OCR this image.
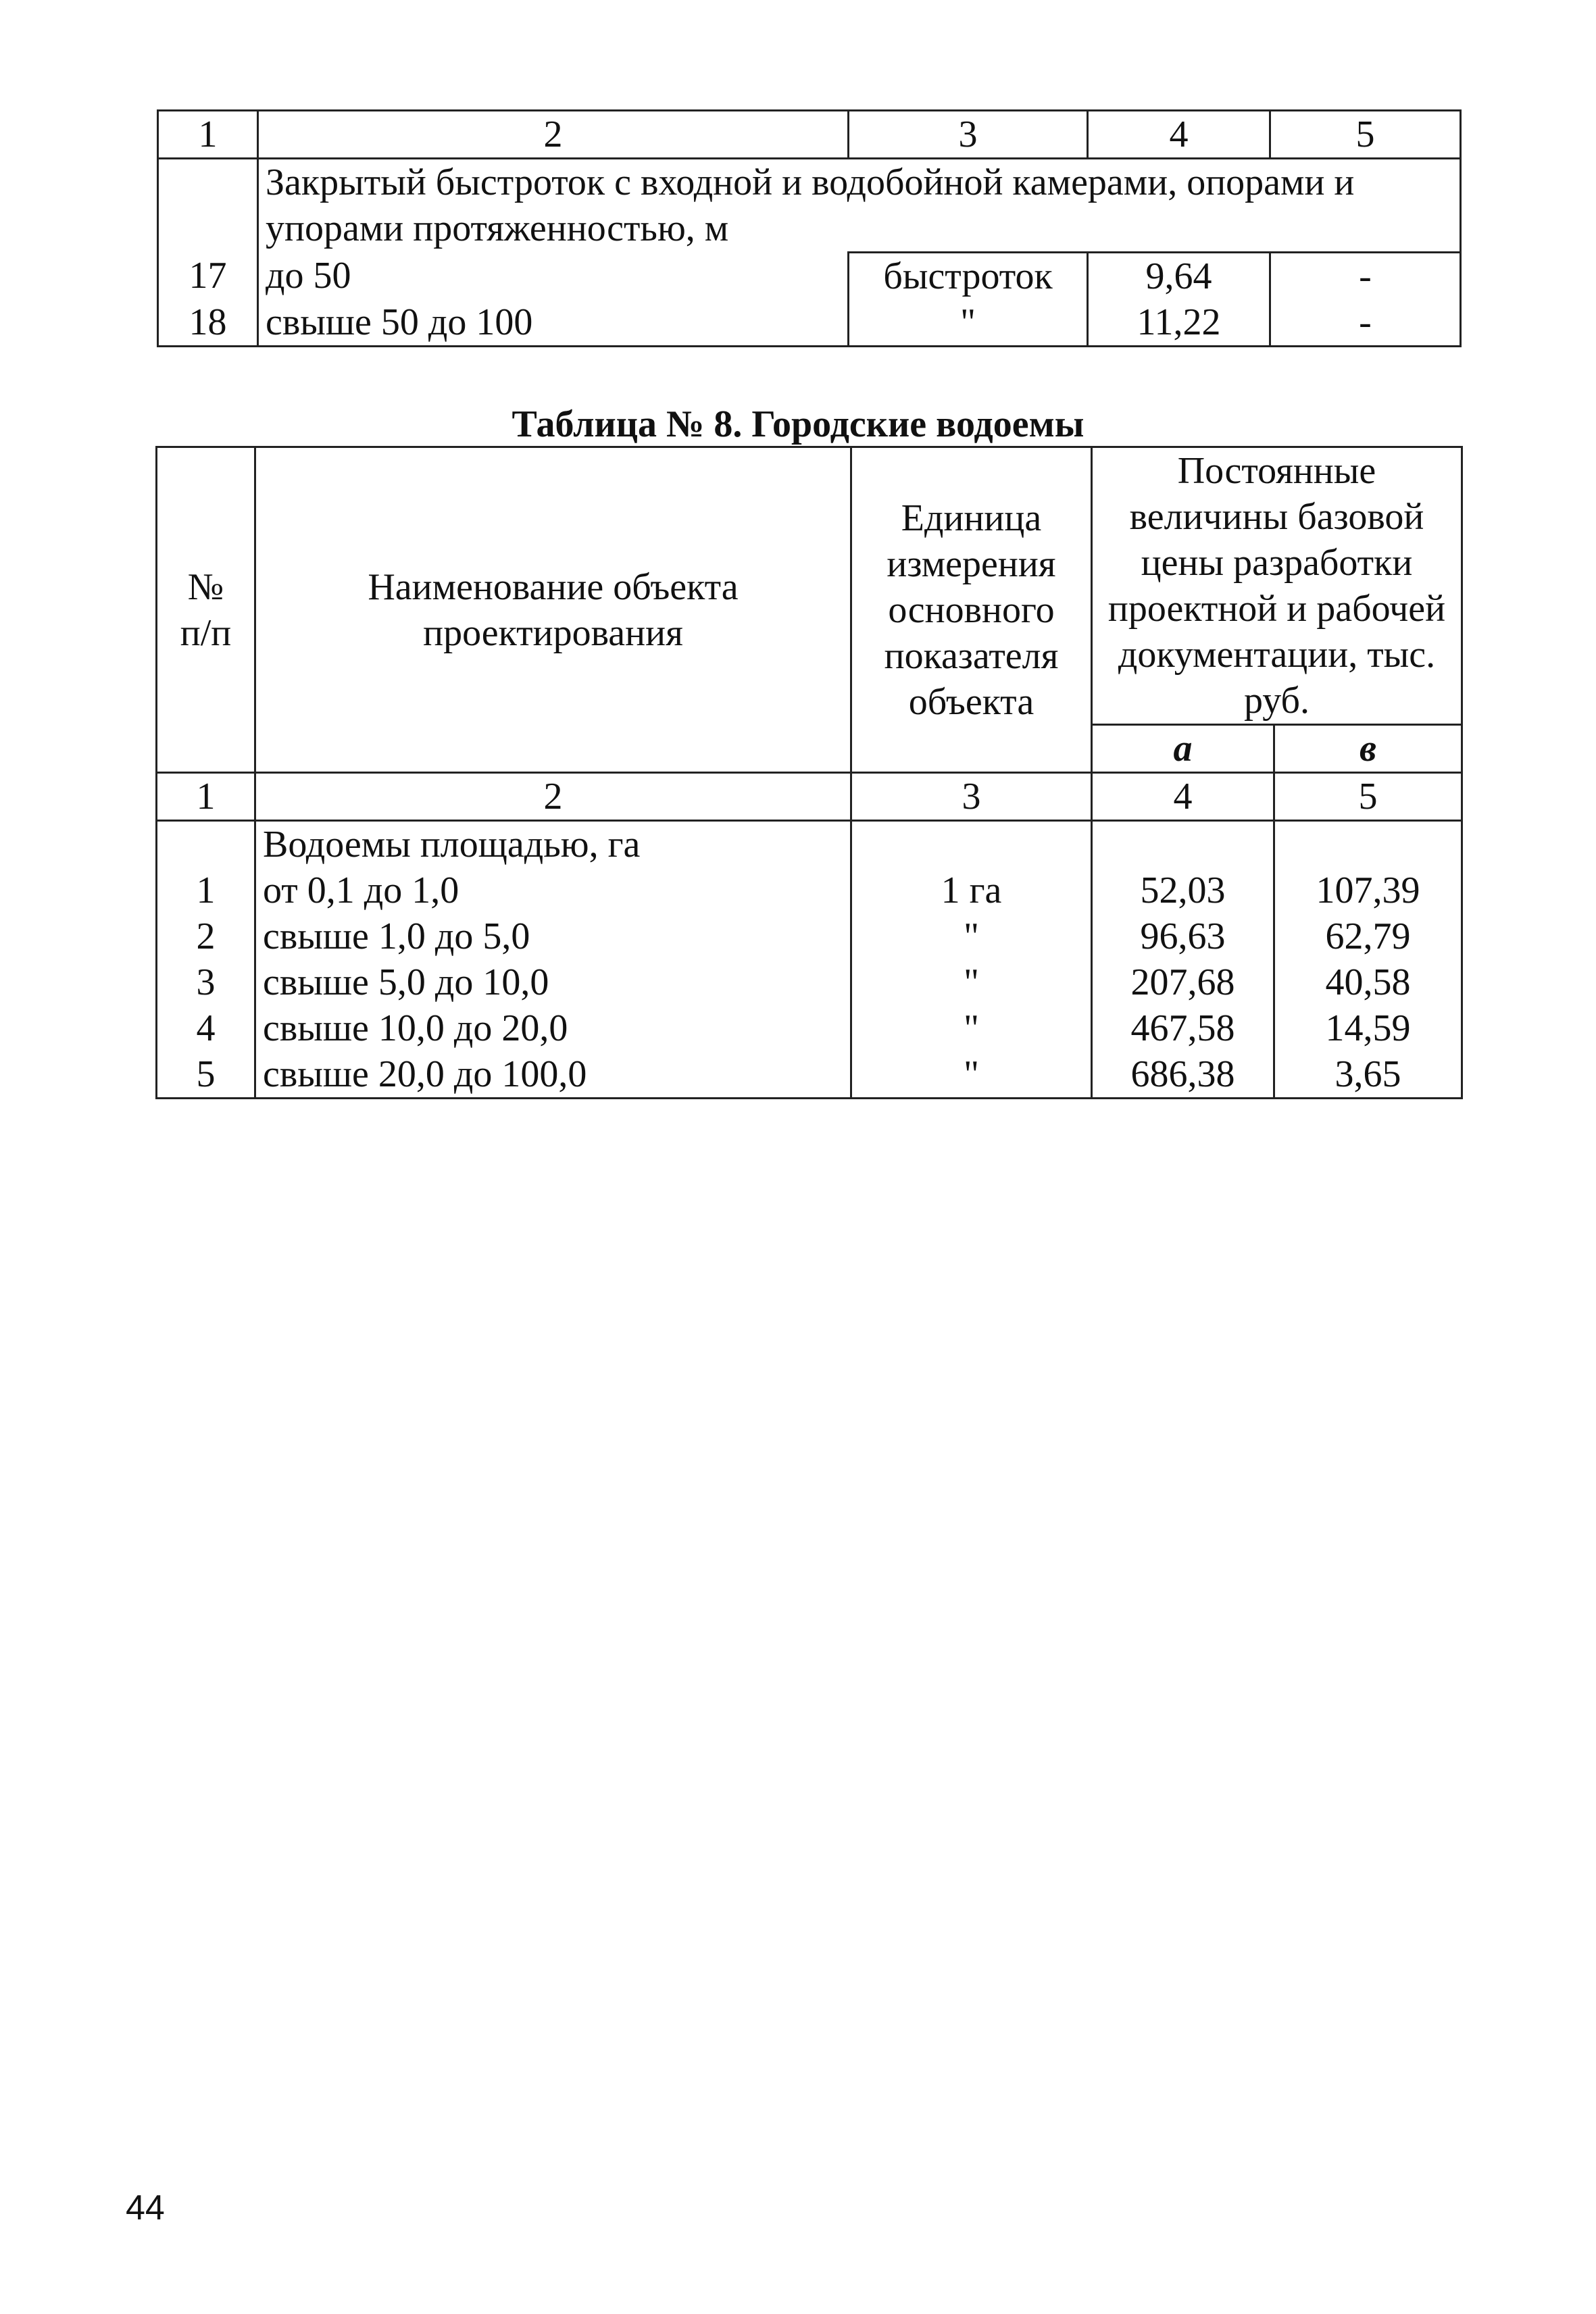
1	2	3	4	5
	Закрытый быстроток с входной и водобойной камерами, опорами и упорами протяженностью, м			
17	до 50	быстроток	9,64	-
18	свыше 50 до 100	"	11,22	-
Таблица № 8. Городские водоемы
№ п/п	Наименование объекта проектирования	Единица измерения основного показателя объекта	Постоянные величины базовой цены разработки проектной и рабочей документации, тыс. руб.	
			а	в
1	2	3	4	5
	Водоемы площадью, га			
1	от 0,1 до 1,0	1 га	52,03	107,39
2	свыше 1,0 до 5,0	"	96,63	62,79
3	свыше 5,0 до 10,0	"	207,68	40,58
4	свыше 10,0 до 20,0	"	467,58	14,59
5	свыше 20,0 до 100,0	"	686,38	3,65
44
